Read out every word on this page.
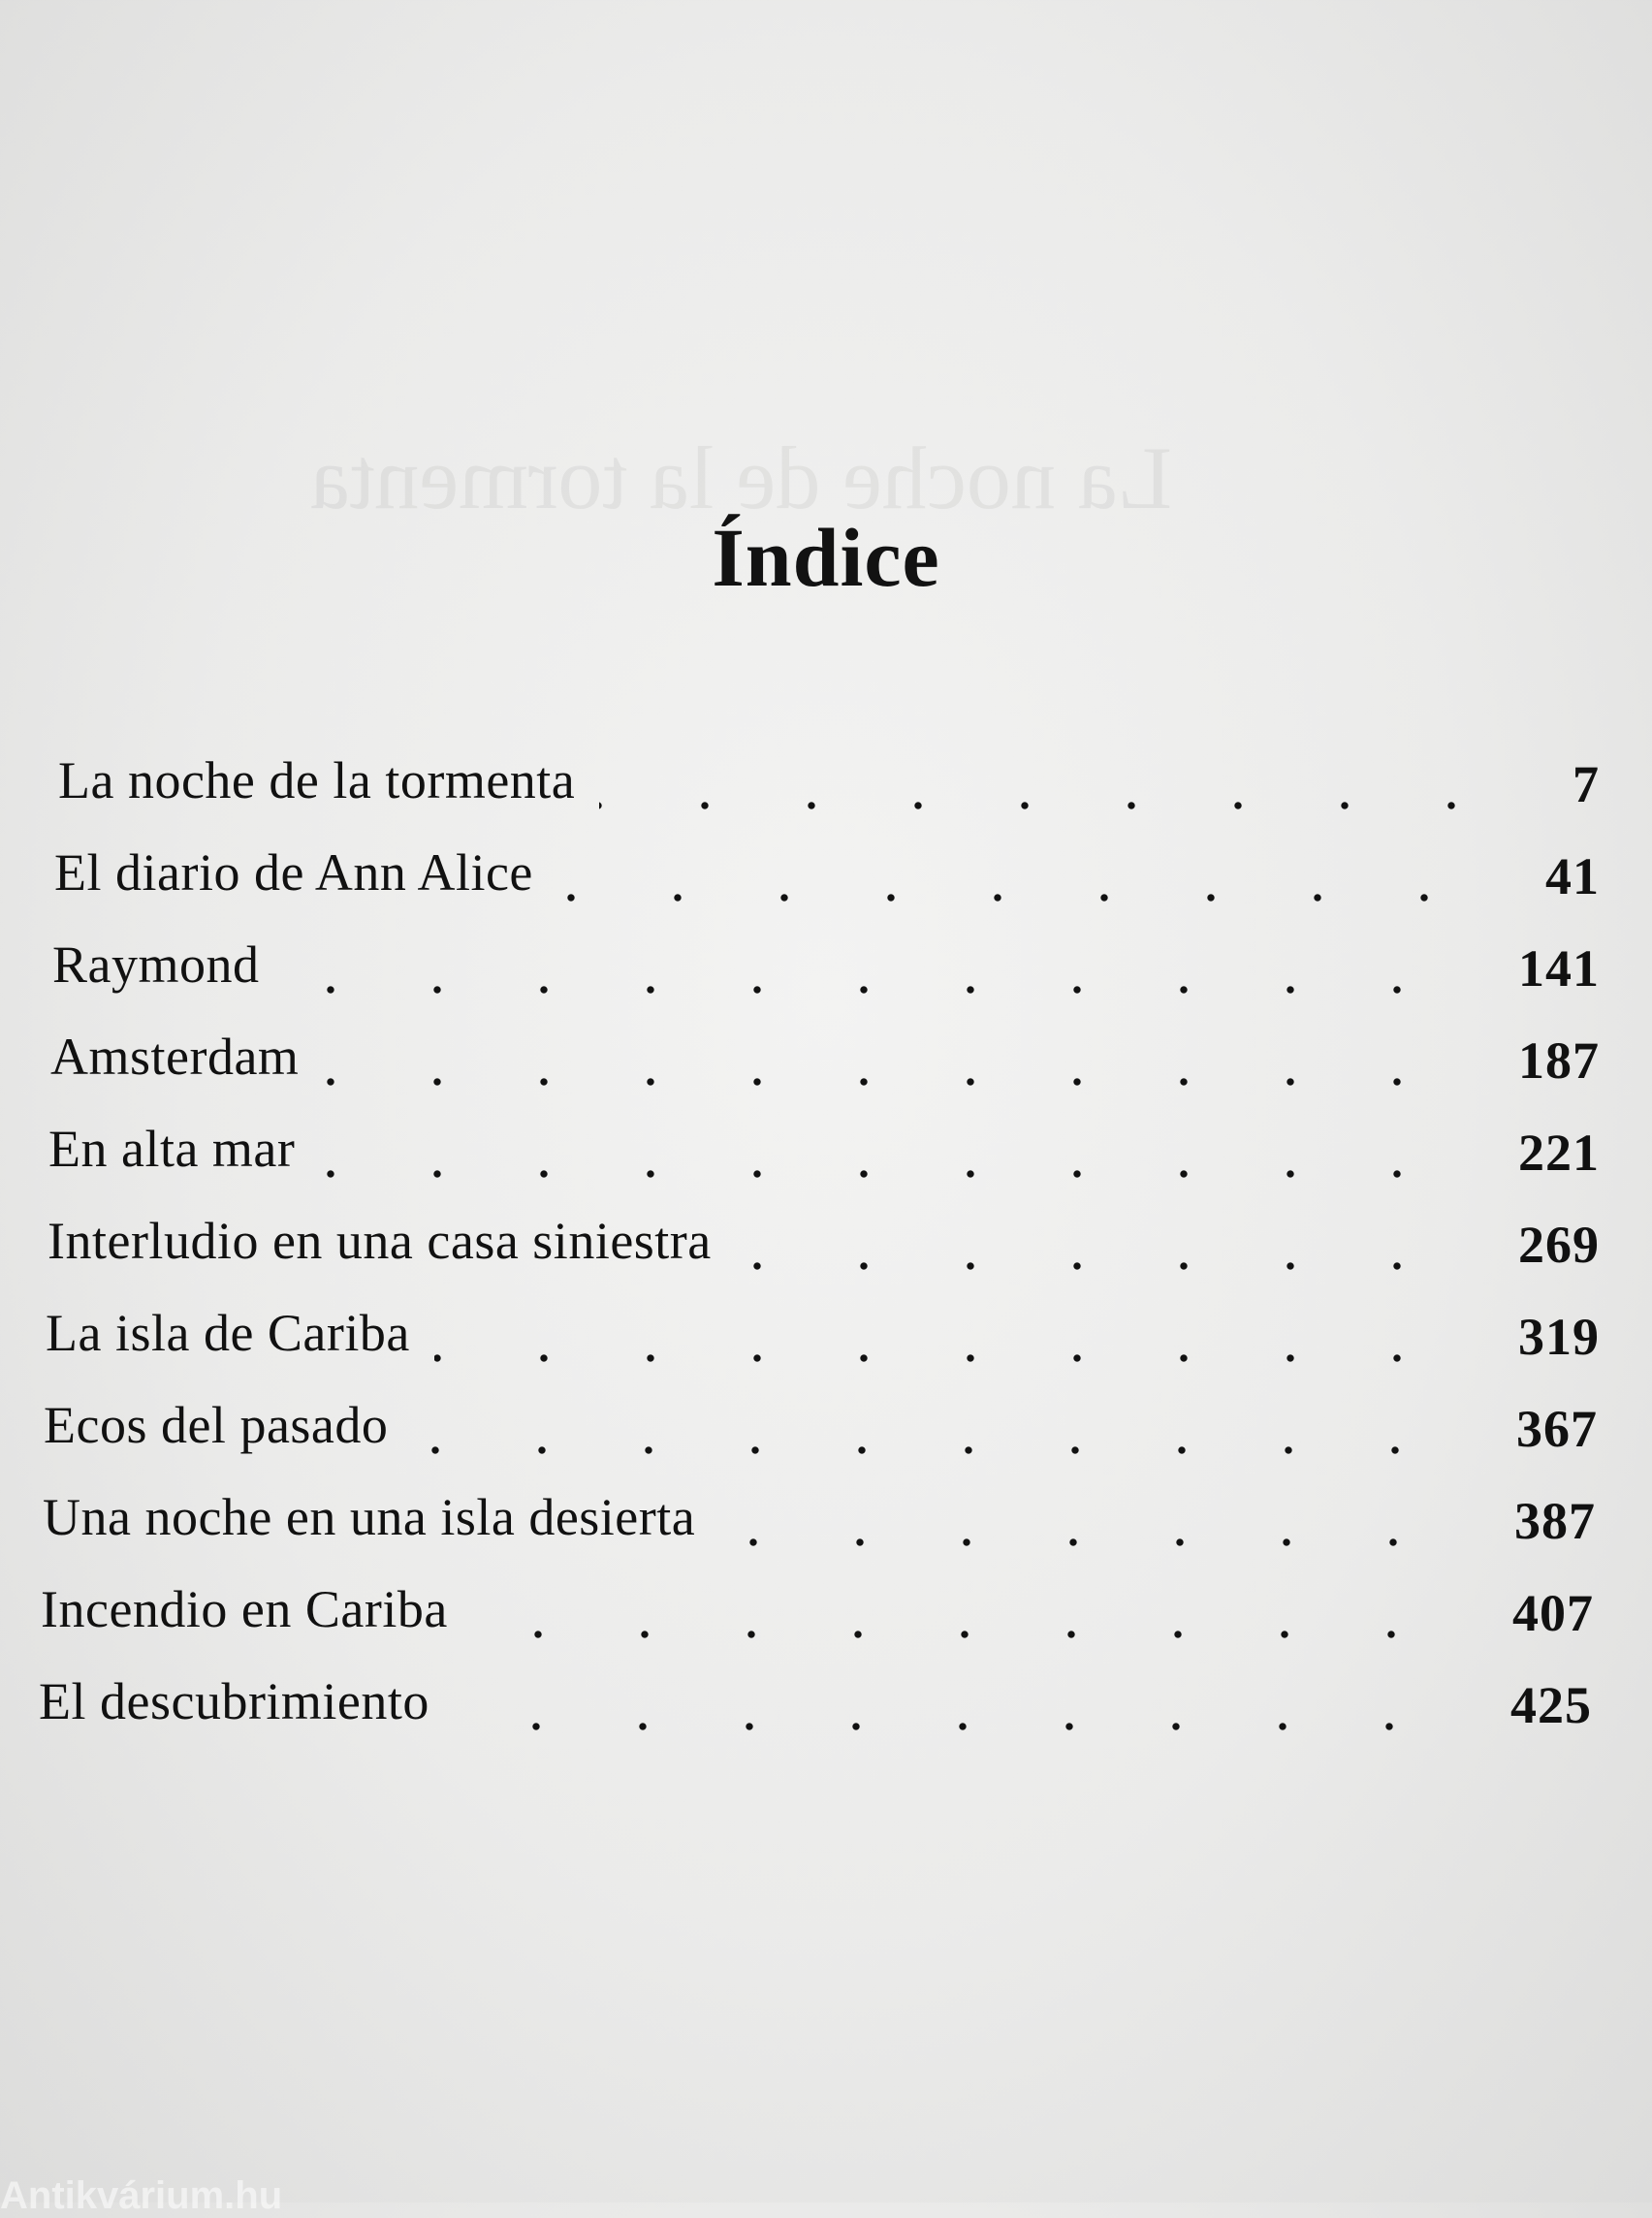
La noche de la tormenta
Índice
La noche de la tormenta	7
El diario de Ann Alice	41
Raymond	141
Amsterdam	187
En alta mar	221
Interludio en una casa siniestra	269
La isla de Cariba	319
Ecos del pasado	367
Una noche en una isla desierta	387
Incendio en Cariba	407
El descubrimiento	425
Antikvárium.hu
